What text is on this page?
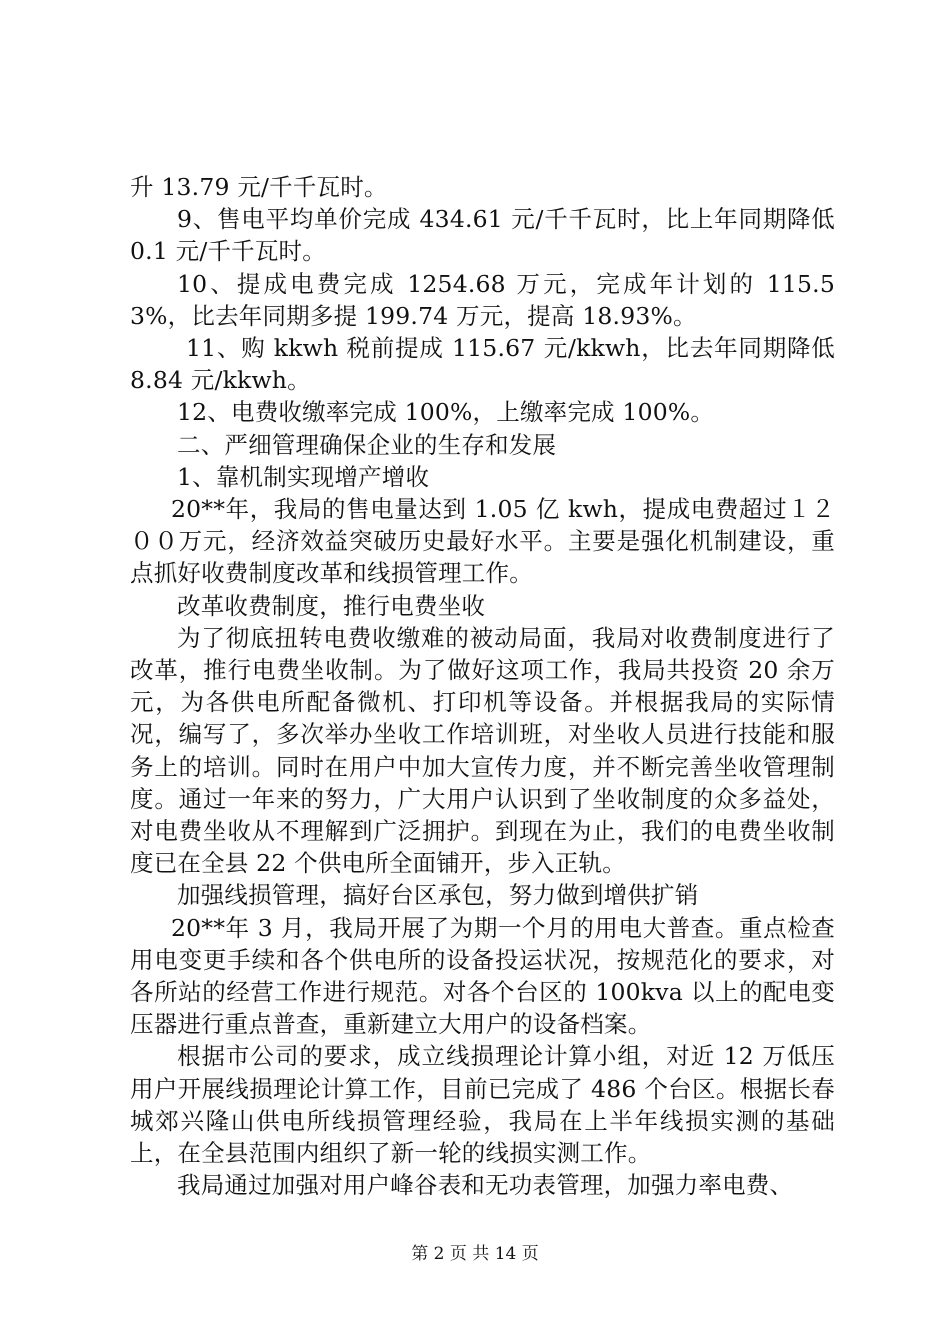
升 13.79 元/千千瓦时。

9、售电平均单价完成 434.61 元/千千瓦时，比上年同期降低 0.1 元/千千瓦时。

10、提成电费完成 1254.68 万元，完成年计划的 115.53%，比去年同期多提 199.74 万元，提高 18.93%。

11、购 kkwh 税前提成 115.67 元/kkwh，比去年同期降低 8.84 元/kkwh。

12、电费收缴率完成 100%，上缴率完成 100%。

二、严细管理确保企业的生存和发展

1、靠机制实现增产增收

20**年，我局的售电量达到 1.05 亿 kwh，提成电费超过１２００万元，经济效益突破历史最好水平。主要是强化机制建设，重点抓好收费制度改革和线损管理工作。

改革收费制度，推行电费坐收

为了彻底扭转电费收缴难的被动局面，我局对收费制度进行了改革，推行电费坐收制。为了做好这项工作，我局共投资 20 余万元，为各供电所配备微机、打印机等设备。并根据我局的实际情况，编写了，多次举办坐收工作培训班，对坐收人员进行技能和服务上的培训。同时在用户中加大宣传力度，并不断完善坐收管理制度。通过一年来的努力，广大用户认识到了坐收制度的众多益处，对电费坐收从不理解到广泛拥护。到现在为止，我们的电费坐收制度已在全县 22 个供电所全面铺开，步入正轨。

加强线损管理，搞好台区承包，努力做到增供扩销

20**年 3 月，我局开展了为期一个月的用电大普查。重点检查用电变更手续和各个供电所的设备投运状况，按规范化的要求，对各所站的经营工作进行规范。对各个台区的 100kva 以上的配电变压器进行重点普查，重新建立大用户的设备档案。

根据市公司的要求，成立线损理论计算小组，对近 12 万低压用户开展线损理论计算工作，目前已完成了 486 个台区。根据长春城郊兴隆山供电所线损管理经验，我局在上半年线损实测的基础上，在全县范围内组织了新一轮的线损实测工作。

我局通过加强对用户峰谷表和无功表管理，加强力率电费、

第 2 页 共 14 页
